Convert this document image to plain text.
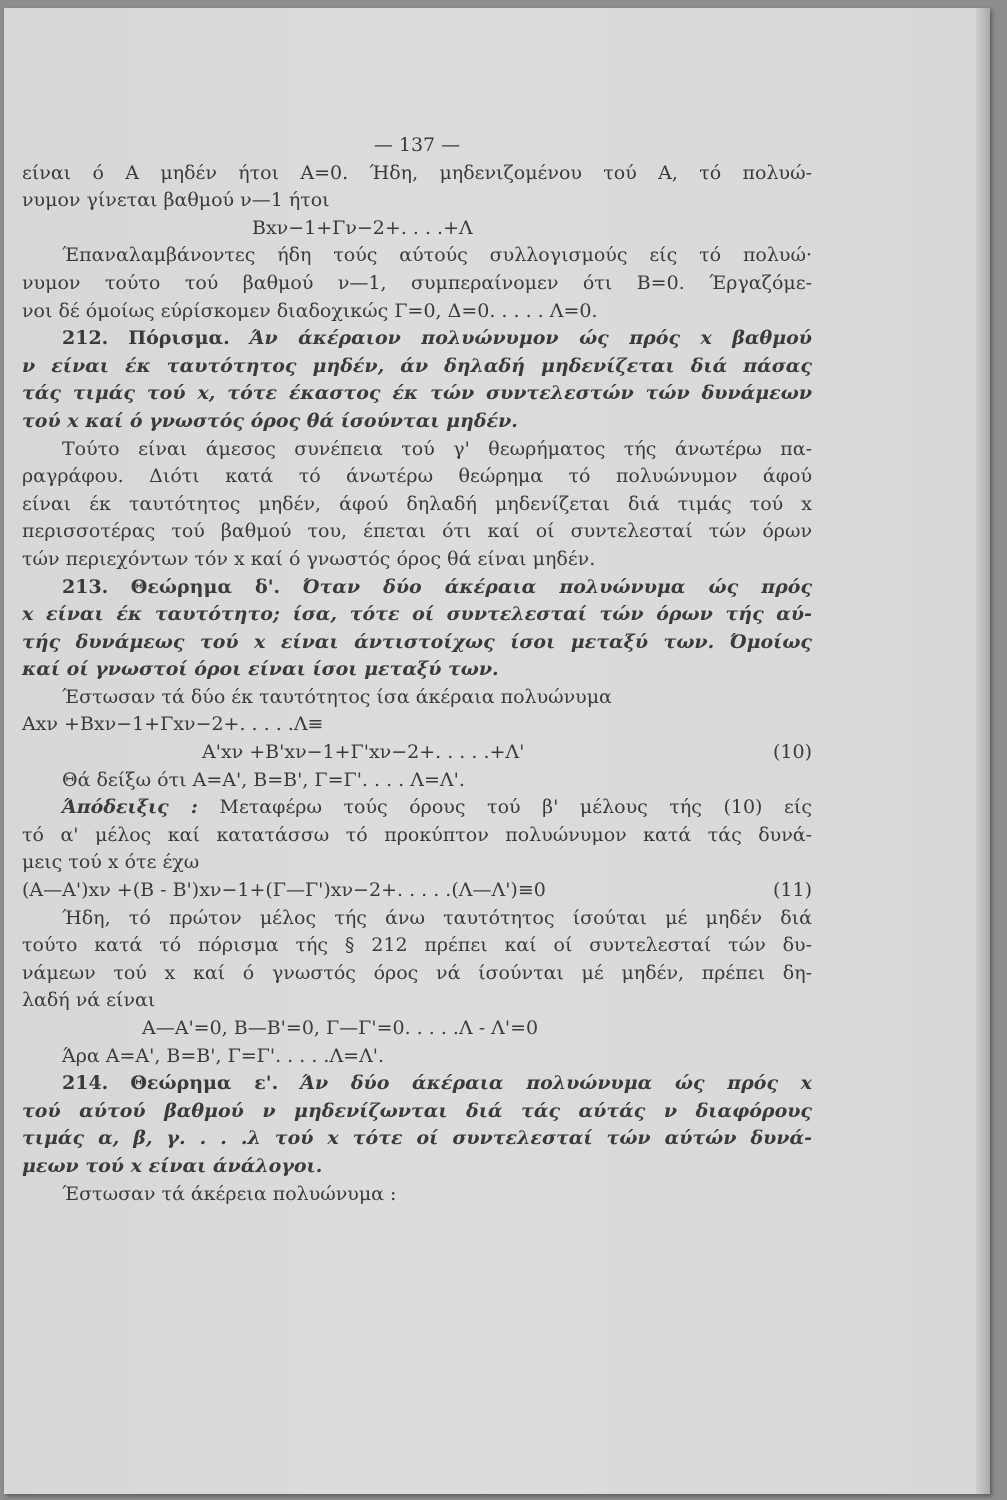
— 137 —
είναι ό Α μηδέν ήτοι Α=0. Ήδη, μηδενιζομένου τού Α, τό πολυώ-
νυμον γίνεται βαθμού ν—1 ήτοι
Βxν−1+Γν−2+. . . .+Λ
Έπαναλαμβάνοντες ήδη τούς αύτούς συλλογισμούς είς τό πολυώ·
νυμον τούτο τού βαθμού ν—1, συμπεραίνομεν ότι Β=0. Έργαζόμε-
νοι δέ όμοίως εύρίσκομεν διαδοχικώς Γ=0, Δ=0. . . . . Λ=0.
212. Πόρισμα. Άν άκέραιον πολυώνυμον ώς πρός x βαθμού
ν είναι έκ ταυτότητος μηδέν, άν δηλαδή μηδενίζεται διά πάσας
τάς τιμάς τού x, τότε έκαστος έκ τών συντελεστών τών δυνάμεων
τού x καί ό γνωστός όρος θά ίσούνται μηδέν.
Τούτο είναι άμεσος συνέπεια τού γ' θεωρήματος τής άνωτέρω πα-
ραγράφου. Διότι κατά τό άνωτέρω θεώρημα τό πολυώνυμον άφού
είναι έκ ταυτότητος μηδέν, άφού δηλαδή μηδενίζεται διά τιμάς τού x
περισσοτέρας τού βαθμού του, έπεται ότι καί οί συντελεσταί τών όρων
τών περιεχόντων τόν x καί ό γνωστός όρος θά είναι μηδέν.
213. Θεώρημα δ'. Όταν δύο άκέραια πολυώνυμα ώς πρός
x είναι έκ ταυτότητο; ίσα, τότε οί συντελεσταί τών όρων τής αύ-
τής δυνάμεως τού x είναι άντιστοίχως ίσοι μεταξύ των. Όμοίως
καί οί γνωστοί όροι είναι ίσοι μεταξύ των.
Έστωσαν τά δύο έκ ταυτότητος ίσα άκέραια πολυώνυμα
Αxν +Βxν−1+Γxν−2+. . . . .Λ≡
Α'xν +Β'xν−1+Γ'xν−2+. . . . .+Λ'	(10)
Θά δείξω ότι Α=Α', Β=Β', Γ=Γ'. . . . Λ=Λ'.
Άπόδειξις : Μεταφέρω τούς όρους τού β' μέλους τής (10) είς
τό α' μέλος καί κατατάσσω τό προκύπτον πολυώνυμον κατά τάς δυνά-
μεις τού x ότε έχω
(Α—Α')xν +(Β - Β')xν−1+(Γ—Γ')xν−2+. . . . .(Λ—Λ')≡0	(11)
Ήδη, τό πρώτον μέλος τής άνω ταυτότητος ίσούται μέ μηδέν διά
τούτο κατά τό πόρισμα τής § 212 πρέπει καί οί συντελεσταί τών δυ-
νάμεων τού x καί ό γνωστός όρος νά ίσούνται μέ μηδέν, πρέπει δη-
λαδή νά είναι
Α—Α'=0, Β—Β'=0, Γ—Γ'=0. . . . .Λ - Λ'=0
Άρα Α=Α', Β=Β', Γ=Γ'. . . . .Λ=Λ'.
214. Θεώρημα ε'. Άν δύο άκέραια πολυώνυμα ώς πρός x
τού αύτού βαθμού ν μηδενίζωνται διά τάς αύτάς ν διαφόρους
τιμάς α, β, γ. . . .λ τού x τότε οί συντελεσταί τών αύτών δυνά-
μεων τού x είναι άνάλογοι.
Έστωσαν τά άκέρεια πολυώνυμα :
